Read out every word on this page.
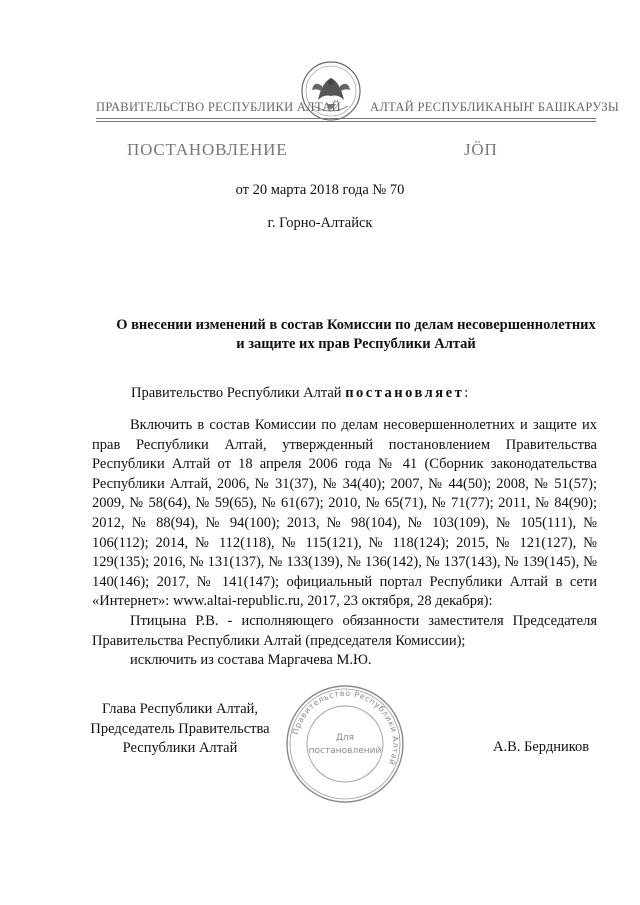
ПРАВИТЕЛЬСТВО РЕСПУБЛИКИ АЛТАЙ АЛТАЙ РЕСПУБЛИКАНЫҤ БАШКАРУЗЫ
ПОСТАНОВЛЕНИЕ	JÖП
от 20 марта 2018 года № 70
г. Горно-Алтайск
О внесении изменений в состав Комиссии по делам несовершеннолетних
и защите их прав Республики Алтай
Правительство Республики Алтай постановляет:

Включить в состав Комиссии по делам несовершеннолетних и защите их прав Республики Алтай, утвержденный постановлением Правительства Республики Алтай от 18 апреля 2006 года № 41 (Сборник законодательства Республики Алтай, 2006, № 31(37), № 34(40); 2007, № 44(50); 2008, № 51(57); 2009, № 58(64), № 59(65), № 61(67); 2010, № 65(71), № 71(77); 2011, № 84(90); 2012, № 88(94), № 94(100); 2013, № 98(104), № 103(109), № 105(111), № 106(112); 2014, № 112(118), № 115(121), № 118(124); 2015, № 121(127), № 129(135); 2016, № 131(137), № 133(139), № 136(142), № 137(143), № 139(145), № 140(146); 2017, № 141(147); официальный портал Республики Алтай в сети «Интернет»: www.altai-republic.ru, 2017, 23 октября, 28 декабря):

Птицына Р.В. - исполняющего обязанности заместителя Председателя Правительства Республики Алтай (председателя Комиссии);

исключить из состава Маргачева М.Ю.

Глава Республики Алтай,
Председатель Правительства
Республики Алтай
Правительство Республики Алтай
Для
постановлений	А.В. Бердников
